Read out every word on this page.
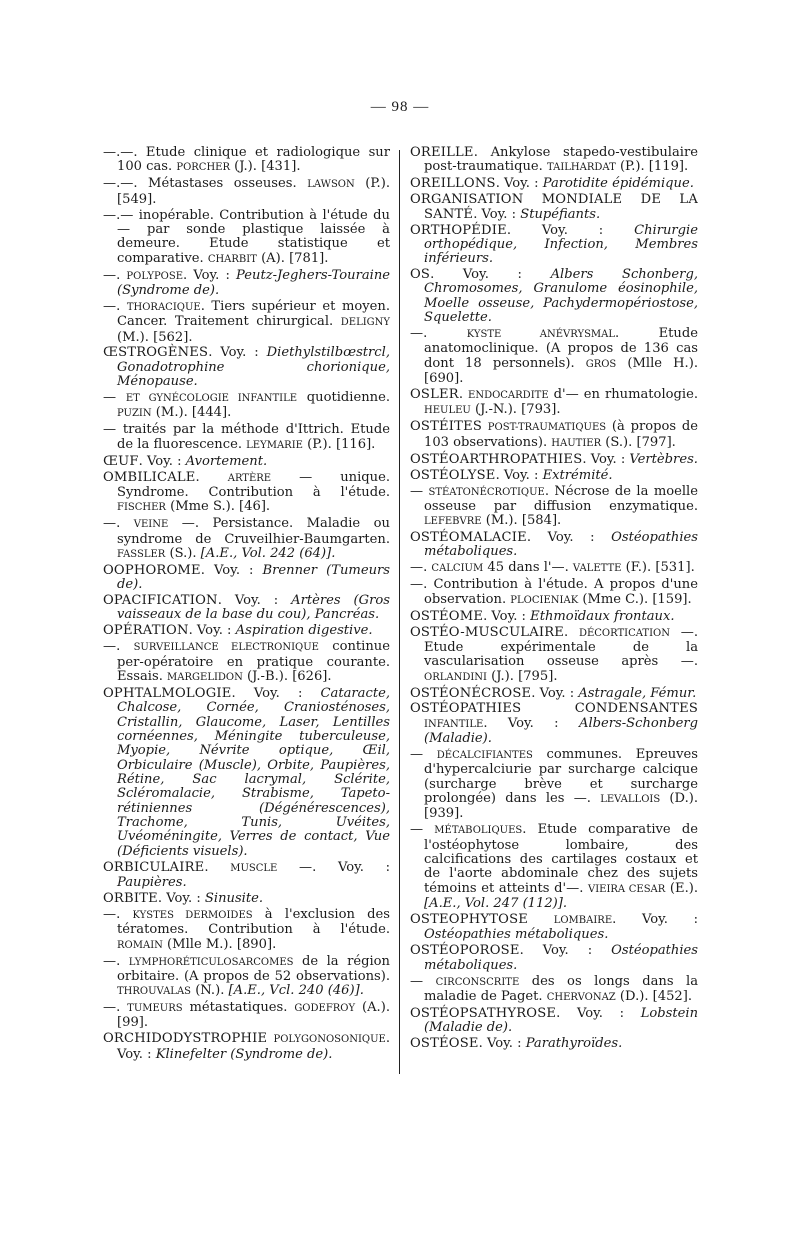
— 98 —
—.—. Etude clinique et radiologique sur 100 cas. PORCHER (J.). [431].
—.—. Métastases osseuses. LAWSON (P.). [549].
—.— inopérable. Contribution à l'étude du — par sonde plastique laissée à demeure. Etude statistique et comparative. CHARBIT (A). [781].
—. POLYPOSE. Voy. : Peutz-Jeghers-Touraine (Syndrome de).
—. THORACIQUE. Tiers supérieur et moyen. Cancer. Traitement chirurgical. DELIGNY (M.). [562].
ŒSTROGÈNES. Voy. : Diethylstilbœstrcl, Gonadotrophine chorionique, Ménopause.
— ET GYNÉCOLOGIE INFANTILE quotidienne. PUZIN (M.). [444].
— traités par la méthode d'Ittrich. Etude de la fluorescence. LEYMARIE (P.). [116].
ŒUF. Voy. : Avortement.
OMBILICALE. ARTÈRE — unique. Syndrome. Contribution à l'étude. FISCHER (Mme S.). [46].
—. VEINE —. Persistance. Maladie ou syndrome de Cruveilhier-Baumgarten. FASSLER (S.). [A.E., Vol. 242 (64)].
OOPHOROME. Voy. : Brenner (Tumeurs de).
OPACIFICATION. Voy. : Artères (Gros vaisseaux de la base du cou), Pancréas.
OPÉRATION. Voy. : Aspiration digestive.
—. SURVEILLANCE ELECTRONIQUE continue per-opératoire en pratique courante. Essais. MARGELIDON (J.-B.). [626].
OPHTALMOLOGIE. Voy. : Cataracte, Chalcose, Cornée, Craniosténoses, Cristallin, Glaucome, Laser, Lentilles cornéennes, Méningite tuberculeuse, Myopie, Névrite optique, Œil, Orbiculaire (Muscle), Orbite, Paupières, Rétine, Sac lacrymal, Sclérite, Scléromalacie, Strabisme, Tapeto-rétiniennes (Dégénérescences), Trachome, Tunis, Uvéites, Uvéoméningite, Verres de contact, Vue (Déficients visuels).
ORBICULAIRE. MUSCLE —. Voy. : Paupières.
ORBITE. Voy. : Sinusite.
—. KYSTES DERMOIDES à l'exclusion des tératomes. Contribution à l'étude. ROMAIN (Mlle M.). [890].
—. LYMPHORÉTICULOSARCOMES de la région orbitaire. (A propos de 52 observations). THROUVALAS (N.). [A.E., Vcl. 240 (46)].
—. TUMEURS métastatiques. GODEFROY (A.). [99].
ORCHIDODYSTROPHIE POLYGONOSONIQUE. Voy. : Klinefelter (Syndrome de).
OREILLE. Ankylose stapedo-vestibulaire post-traumatique. TAILHARDAT (P.). [119].
OREILLONS. Voy. : Parotidite épidémique.
ORGANISATION MONDIALE DE LA SANTÉ. Voy. : Stupéfiants.
ORTHOPÉDIE. Voy. : Chirurgie orthopédique, Infection, Membres inférieurs.
OS. Voy. : Albers Schonberg, Chromosomes, Granulome éosinophile, Moelle osseuse, Pachydermopériostose, Squelette.
—. KYSTE ANÉVRYSMAL. Etude anatomoclinique. (A propos de 136 cas dont 18 personnels). GROS (Mlle H.). [690].
OSLER. ENDOCARDITE d'— en rhumatologie. HEULEU (J.-N.). [793].
OSTÉITES POST-TRAUMATIQUES (à propos de 103 observations). HAUTIER (S.). [797].
OSTÉOARTHROPATHIES. Voy. : Vertèbres.
OSTÉOLYSE. Voy. : Extrémité.
— STÉATONÉCROTIQUE. Nécrose de la moelle osseuse par diffusion enzymatique. LEFEBVRE (M.). [584].
OSTÉOMALACIE. Voy. : Ostéopathies métaboliques.
—. CALCIUM 45 dans l'—. VALETTE (F.). [531].
—. Contribution à l'étude. A propos d'une observation. PLOCIENIAK (Mme C.). [159].
OSTÉOME. Voy. : Ethmoïdaux frontaux.
OSTÉO-MUSCULAIRE. DÉCORTICATION —. Etude expérimentale de la vascularisation osseuse après —. ORLANDINI (J.). [795].
OSTÉONÉCROSE. Voy. : Astragale, Fémur.
OSTÉOPATHIES CONDENSANTES INFANTILE. Voy. : Albers-Schonberg (Maladie).
— DÉCALCIFIANTES communes. Epreuves d'hypercalciurie par surcharge calcique (surcharge brève et surcharge prolongée) dans les —. LEVALLOIS (D.). [939].
— MÉTABOLIQUES. Etude comparative de l'ostéophytose lombaire, des calcifications des cartilages costaux et de l'aorte abdominale chez des sujets témoins et atteints d'—. VIEIRA CESAR (E.). [A.E., Vol. 247 (112)].
OSTEOPHYTOSE	LOMBAIRE. Voy. : Ostéopathies métaboliques.
OSTÉOPOROSE. Voy. : Ostéopathies métaboliques.
— CIRCONSCRITE des os longs dans la maladie de Paget. CHERVONAZ (D.). [452].
OSTÉOPSATHYROSE. Voy. : Lobstein (Maladie de).
OSTÉOSE. Voy. : Parathyroïdes.
